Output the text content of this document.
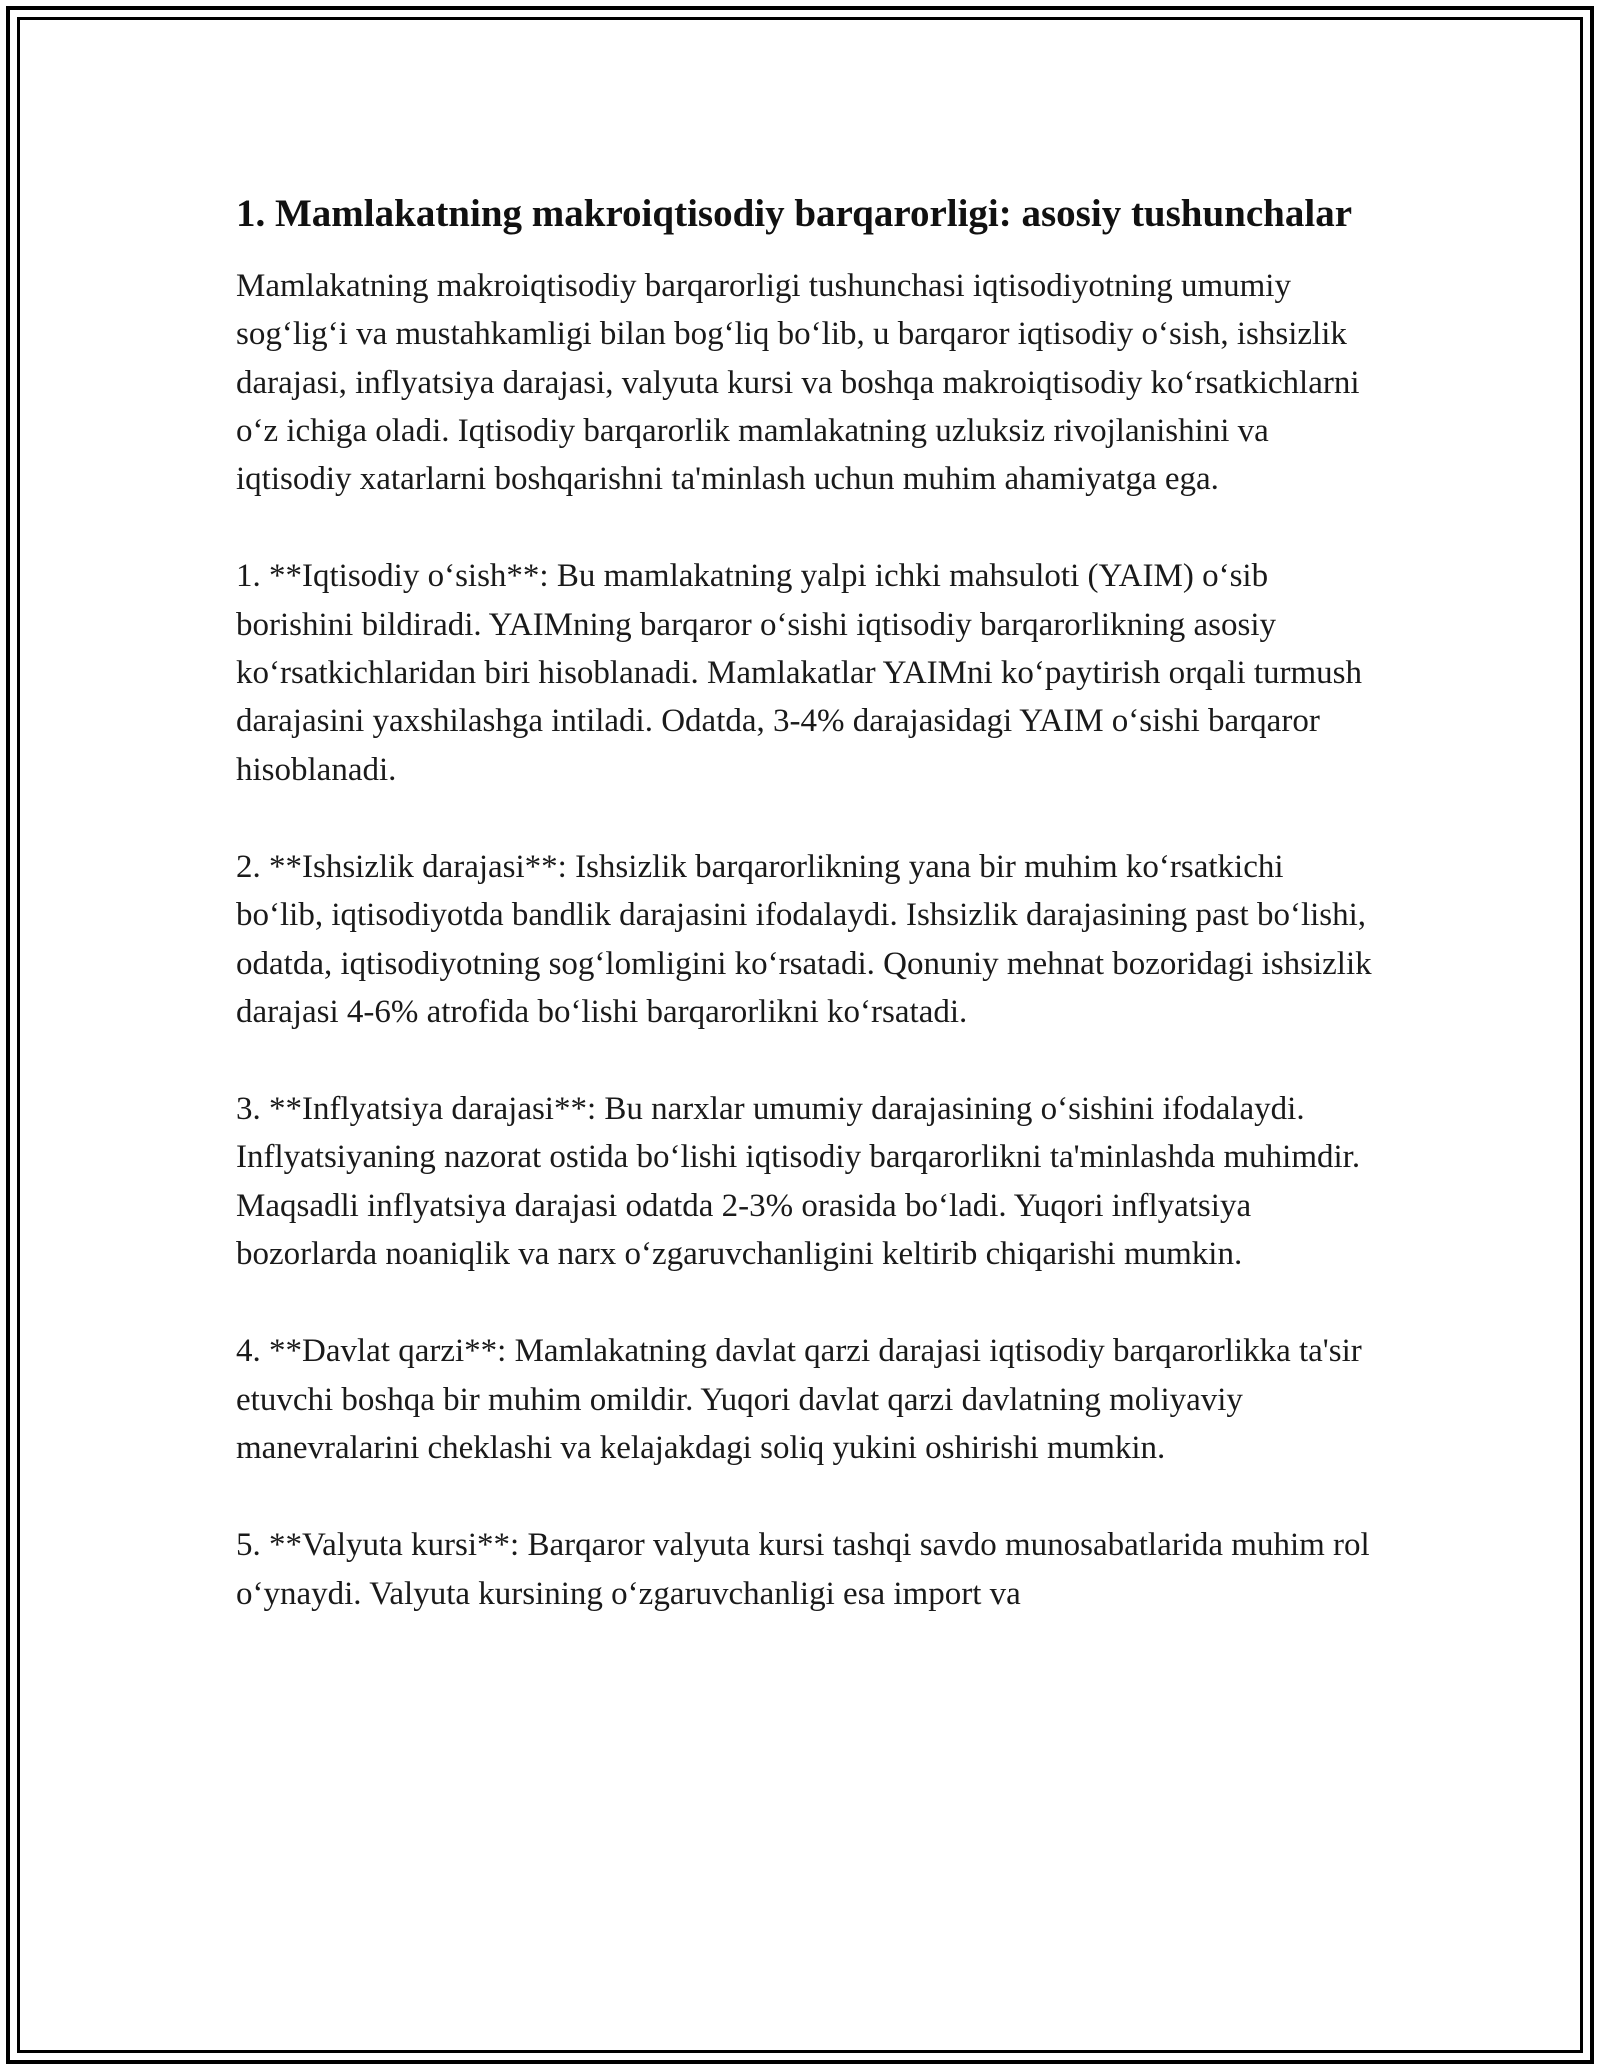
1. Mamlakatning makroiqtisodiy barqarorligi: asosiy tushunchalar

Mamlakatning makroiqtisodiy barqarorligi tushunchasi iqtisodiyotning umumiy sog‘lig‘i va mustahkamligi bilan bog‘liq bo‘lib, u barqaror iqtisodiy o‘sish, ishsizlik darajasi, inflyatsiya darajasi, valyuta kursi va boshqa makroiqtisodiy ko‘rsatkichlarni o‘z ichiga oladi. Iqtisodiy barqarorlik mamlakatning uzluksiz rivojlanishini va iqtisodiy xatarlarni boshqarishni ta'minlash uchun muhim ahamiyatga ega.

1. **Iqtisodiy o‘sish**: Bu mamlakatning yalpi ichki mahsuloti (YAIM) o‘sib borishini bildiradi. YAIMning barqaror o‘sishi iqtisodiy barqarorlikning asosiy ko‘rsatkichlaridan biri hisoblanadi. Mamlakatlar YAIMni ko‘paytirish orqali turmush darajasini yaxshilashga intiladi. Odatda, 3-4% darajasidagi YAIM o‘sishi barqaror hisoblanadi.

2. **Ishsizlik darajasi**: Ishsizlik barqarorlikning yana bir muhim ko‘rsatkichi bo‘lib, iqtisodiyotda bandlik darajasini ifodalaydi. Ishsizlik darajasining past bo‘lishi, odatda, iqtisodiyotning sog‘lomligini ko‘rsatadi. Qonuniy mehnat bozoridagi ishsizlik darajasi 4-6% atrofida bo‘lishi barqarorlikni ko‘rsatadi.

3. **Inflyatsiya darajasi**: Bu narxlar umumiy darajasining o‘sishini ifodalaydi. Inflyatsiyaning nazorat ostida bo‘lishi iqtisodiy barqarorlikni ta'minlashda muhimdir. Maqsadli inflyatsiya darajasi odatda 2-3% orasida bo‘ladi. Yuqori inflyatsiya bozorlarda noaniqlik va narx o‘zgaruvchanligini keltirib chiqarishi mumkin.

4. **Davlat qarzi**: Mamlakatning davlat qarzi darajasi iqtisodiy barqarorlikka ta'sir etuvchi boshqa bir muhim omildir. Yuqori davlat qarzi davlatning moliyaviy manevralarini cheklashi va kelajakdagi soliq yukini oshirishi mumkin.

5. **Valyuta kursi**: Barqaror valyuta kursi tashqi savdo munosabatlarida muhim rol o‘ynaydi. Valyuta kursining o‘zgaruvchanligi esa import va
